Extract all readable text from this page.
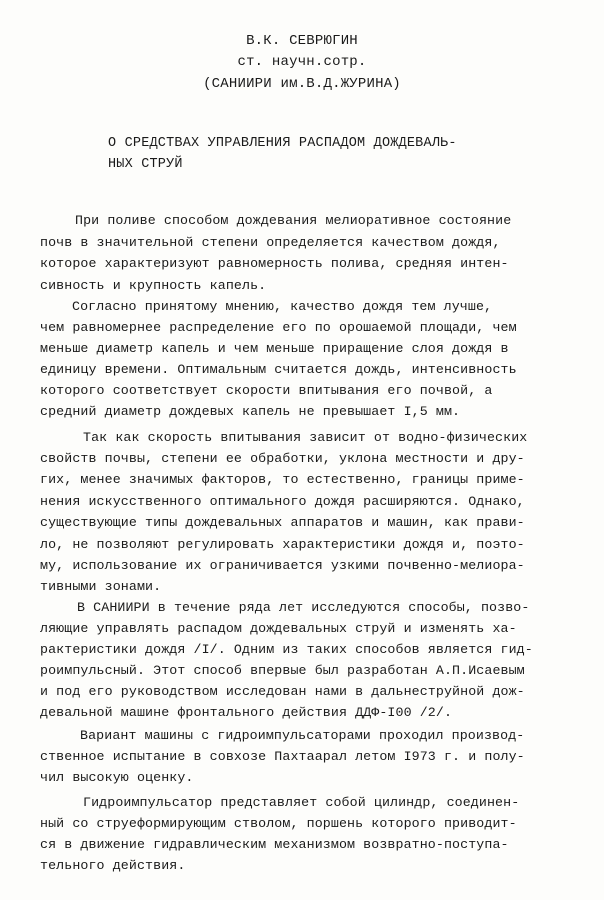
В.К. СЕВРЮГИН
ст. научн.сотр.
(САНИИРИ им.В.Д.ЖУРИНА)
О СРЕДСТВАХ УПРАВЛЕНИЯ РАСПАДОМ ДОЖДЕВАЛЬ-
НЫХ СТРУЙ
При поливе способом дождевания мелиоративное состояние
почв в значительной степени определяется качеством дождя,
которое характеризуют равномерность полива, средняя интен-
сивность и крупность капель.
Согласно принятому мнению, качество дождя тем лучше,
чем равномернее распределение его по орошаемой площади, чем
меньше диаметр капель и чем меньше приращение слоя дождя в
единицу времени. Оптимальным считается дождь, интенсивность
которого соответствует скорости впитывания его почвой, а
средний диаметр дождевых капель не превышает I,5 мм.
Так как скорость впитывания зависит от водно-физических
свойств почвы, степени ее обработки, уклона местности и дру-
гих, менее значимых факторов, то естественно, границы приме-
нения искусственного оптимального дождя расширяются. Однако,
существующие типы дождевальных аппаратов и машин, как прави-
ло, не позволяют регулировать характеристики дождя и, поэто-
му, использование их ограничивается узкими почвенно-мелиора-
тивными зонами.
В САНИИРИ в течение ряда лет исследуются способы, позво-
ляющие управлять распадом дождевальных струй и изменять ха-
рактеристики дождя /I/. Одним из таких способов является гид-
роимпульсный. Этот способ впервые был разработан А.П.Исаевым
и под его руководством исследован нами в дальнеструйной дож-
девальной машине фронтального действия ДДФ-I00 /2/.
Вариант машины с гидроимпульсаторами проходил производ-
ственное испытание в совхозе Пахтаарал летом I973 г. и полу-
чил высокую оценку.
Гидроимпульсатор представляет собой цилиндр, соединен-
ный со струеформирующим стволом, поршень которого приводит-
ся в движение гидравлическим механизмом возвратно-поступа-
тельного действия.
